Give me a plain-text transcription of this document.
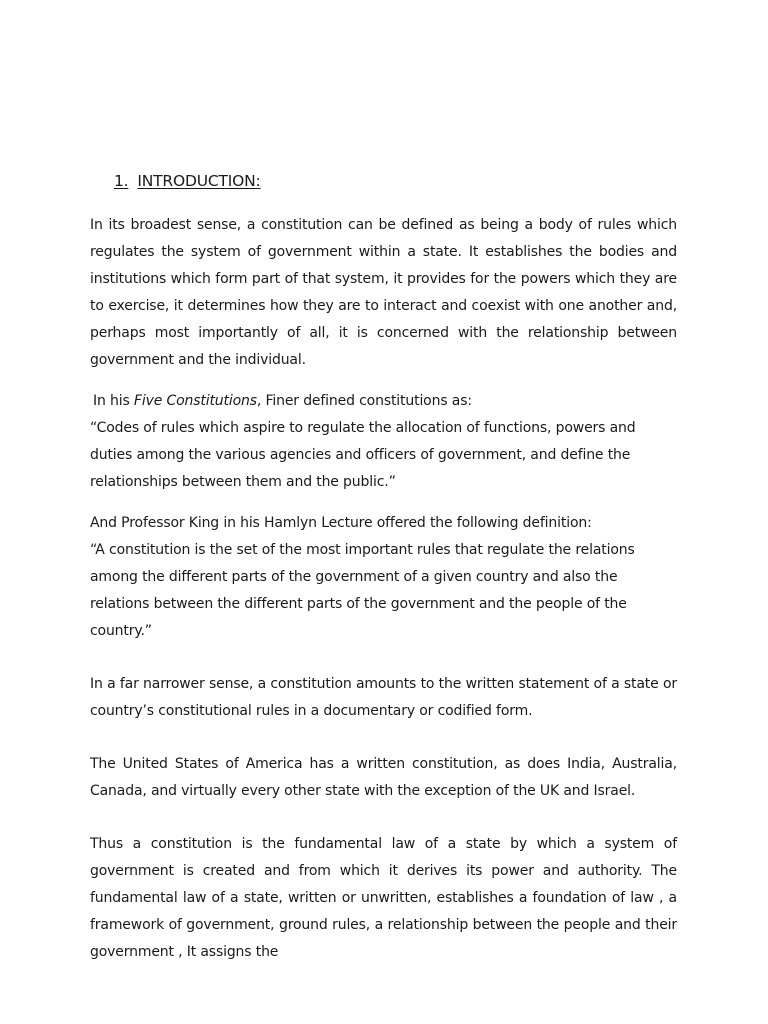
1. INTRODUCTION:

In its broadest sense, a constitution can be defined as being a body of rules which regulates the system of government within a state. It establishes the bodies and institutions which form part of that system, it provides for the powers which they are to exercise, it determines how they are to interact and coexist with one another and, perhaps most importantly of all, it is concerned with the relationship between government and the individual.

In his Five Constitutions, Finer defined constitutions as:

“Codes of rules which aspire to regulate the allocation of functions, powers and duties among the various agencies and officers of government, and define the relationships between them and the public.”

And Professor King in his Hamlyn Lecture offered the following definition:

“A constitution is the set of the most important rules that regulate the relations among the different parts of the government of a given country and also the relations between the different parts of the government and the people of the country.”

In a far narrower sense, a constitution amounts to the written statement of a state or country’s constitutional rules in a documentary or codified form.

The United States of America has a written constitution, as does India, Australia, Canada, and virtually every other state with the exception of the UK and Israel.

Thus a constitution is the fundamental law of a state by which a system of government is created and from which it derives its power and authority. The fundamental law of a state, written or unwritten, establishes a foundation of law , a framework of government, ground rules, a relationship between the people and their government , It assigns the
